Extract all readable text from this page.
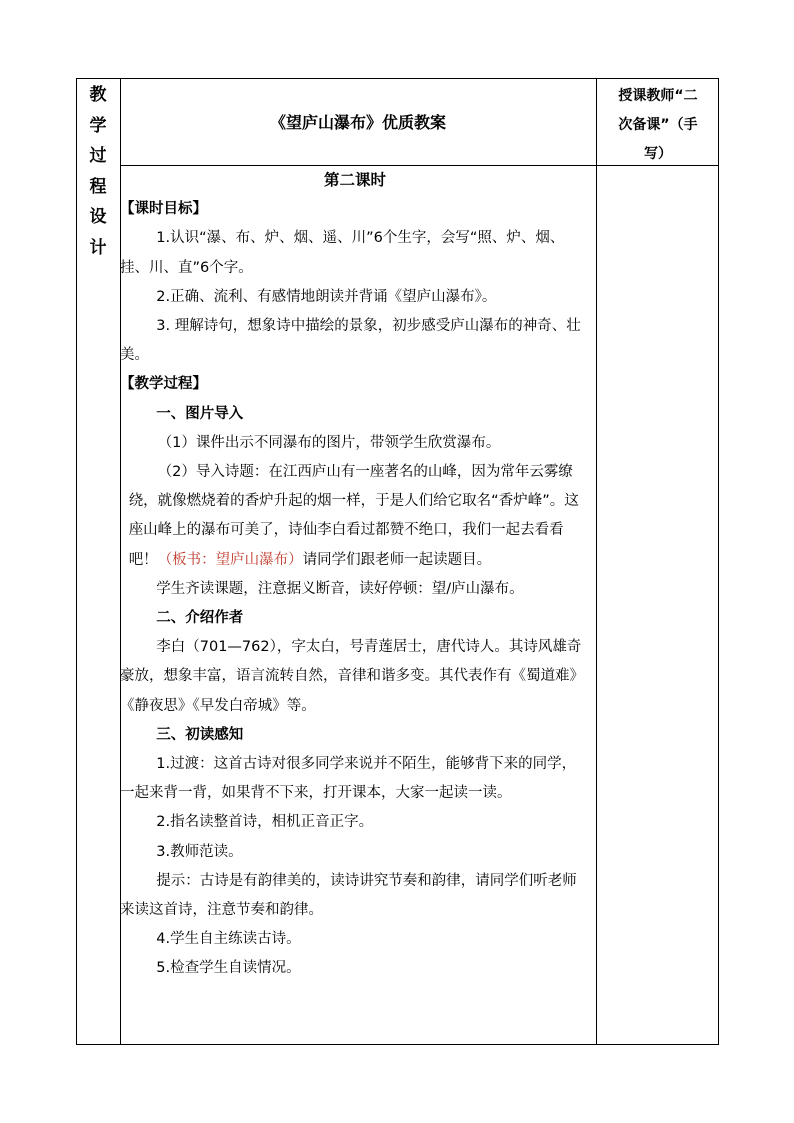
教
学
过
程
设
计
《望庐山瀑布》优质教案
授课教师“二
次备课”（手
写）

第二课时

【课时目标】

1.认识“瀑、布、炉、烟、遥、川”6个生字，会写“照、炉、烟、挂、川、直”6个字。

2.正确、流利、有感情地朗读并背诵《望庐山瀑布》。

3. 理解诗句，想象诗中描绘的景象，初步感受庐山瀑布的神奇、壮美。

【教学过程】

一、图片导入

（1）课件出示不同瀑布的图片，带领学生欣赏瀑布。

（2）导入诗题：在江西庐山有一座著名的山峰，因为常年云雾缭绕，就像燃烧着的香炉升起的烟一样，于是人们给它取名“香炉峰”。这座山峰上的瀑布可美了，诗仙李白看过都赞不绝口，我们一起去看看吧！（板书：望庐山瀑布）请同学们跟老师一起读题目。

学生齐读课题，注意据义断音，读好停顿：望/庐山瀑布。

二、介绍作者

李白（701—762），字太白，号青莲居士，唐代诗人。其诗风雄奇豪放，想象丰富，语言流转自然，音律和谐多变。其代表作有《蜀道难》《静夜思》《早发白帝城》等。

三、初读感知

1.过渡：这首古诗对很多同学来说并不陌生，能够背下来的同学，一起来背一背，如果背不下来，打开课本，大家一起读一读。

2.指名读整首诗，相机正音正字。

3.教师范读。

提示：古诗是有韵律美的，读诗讲究节奏和韵律，请同学们听老师来读这首诗，注意节奏和韵律。

4.学生自主练读古诗。

5.检查学生自读情况。
